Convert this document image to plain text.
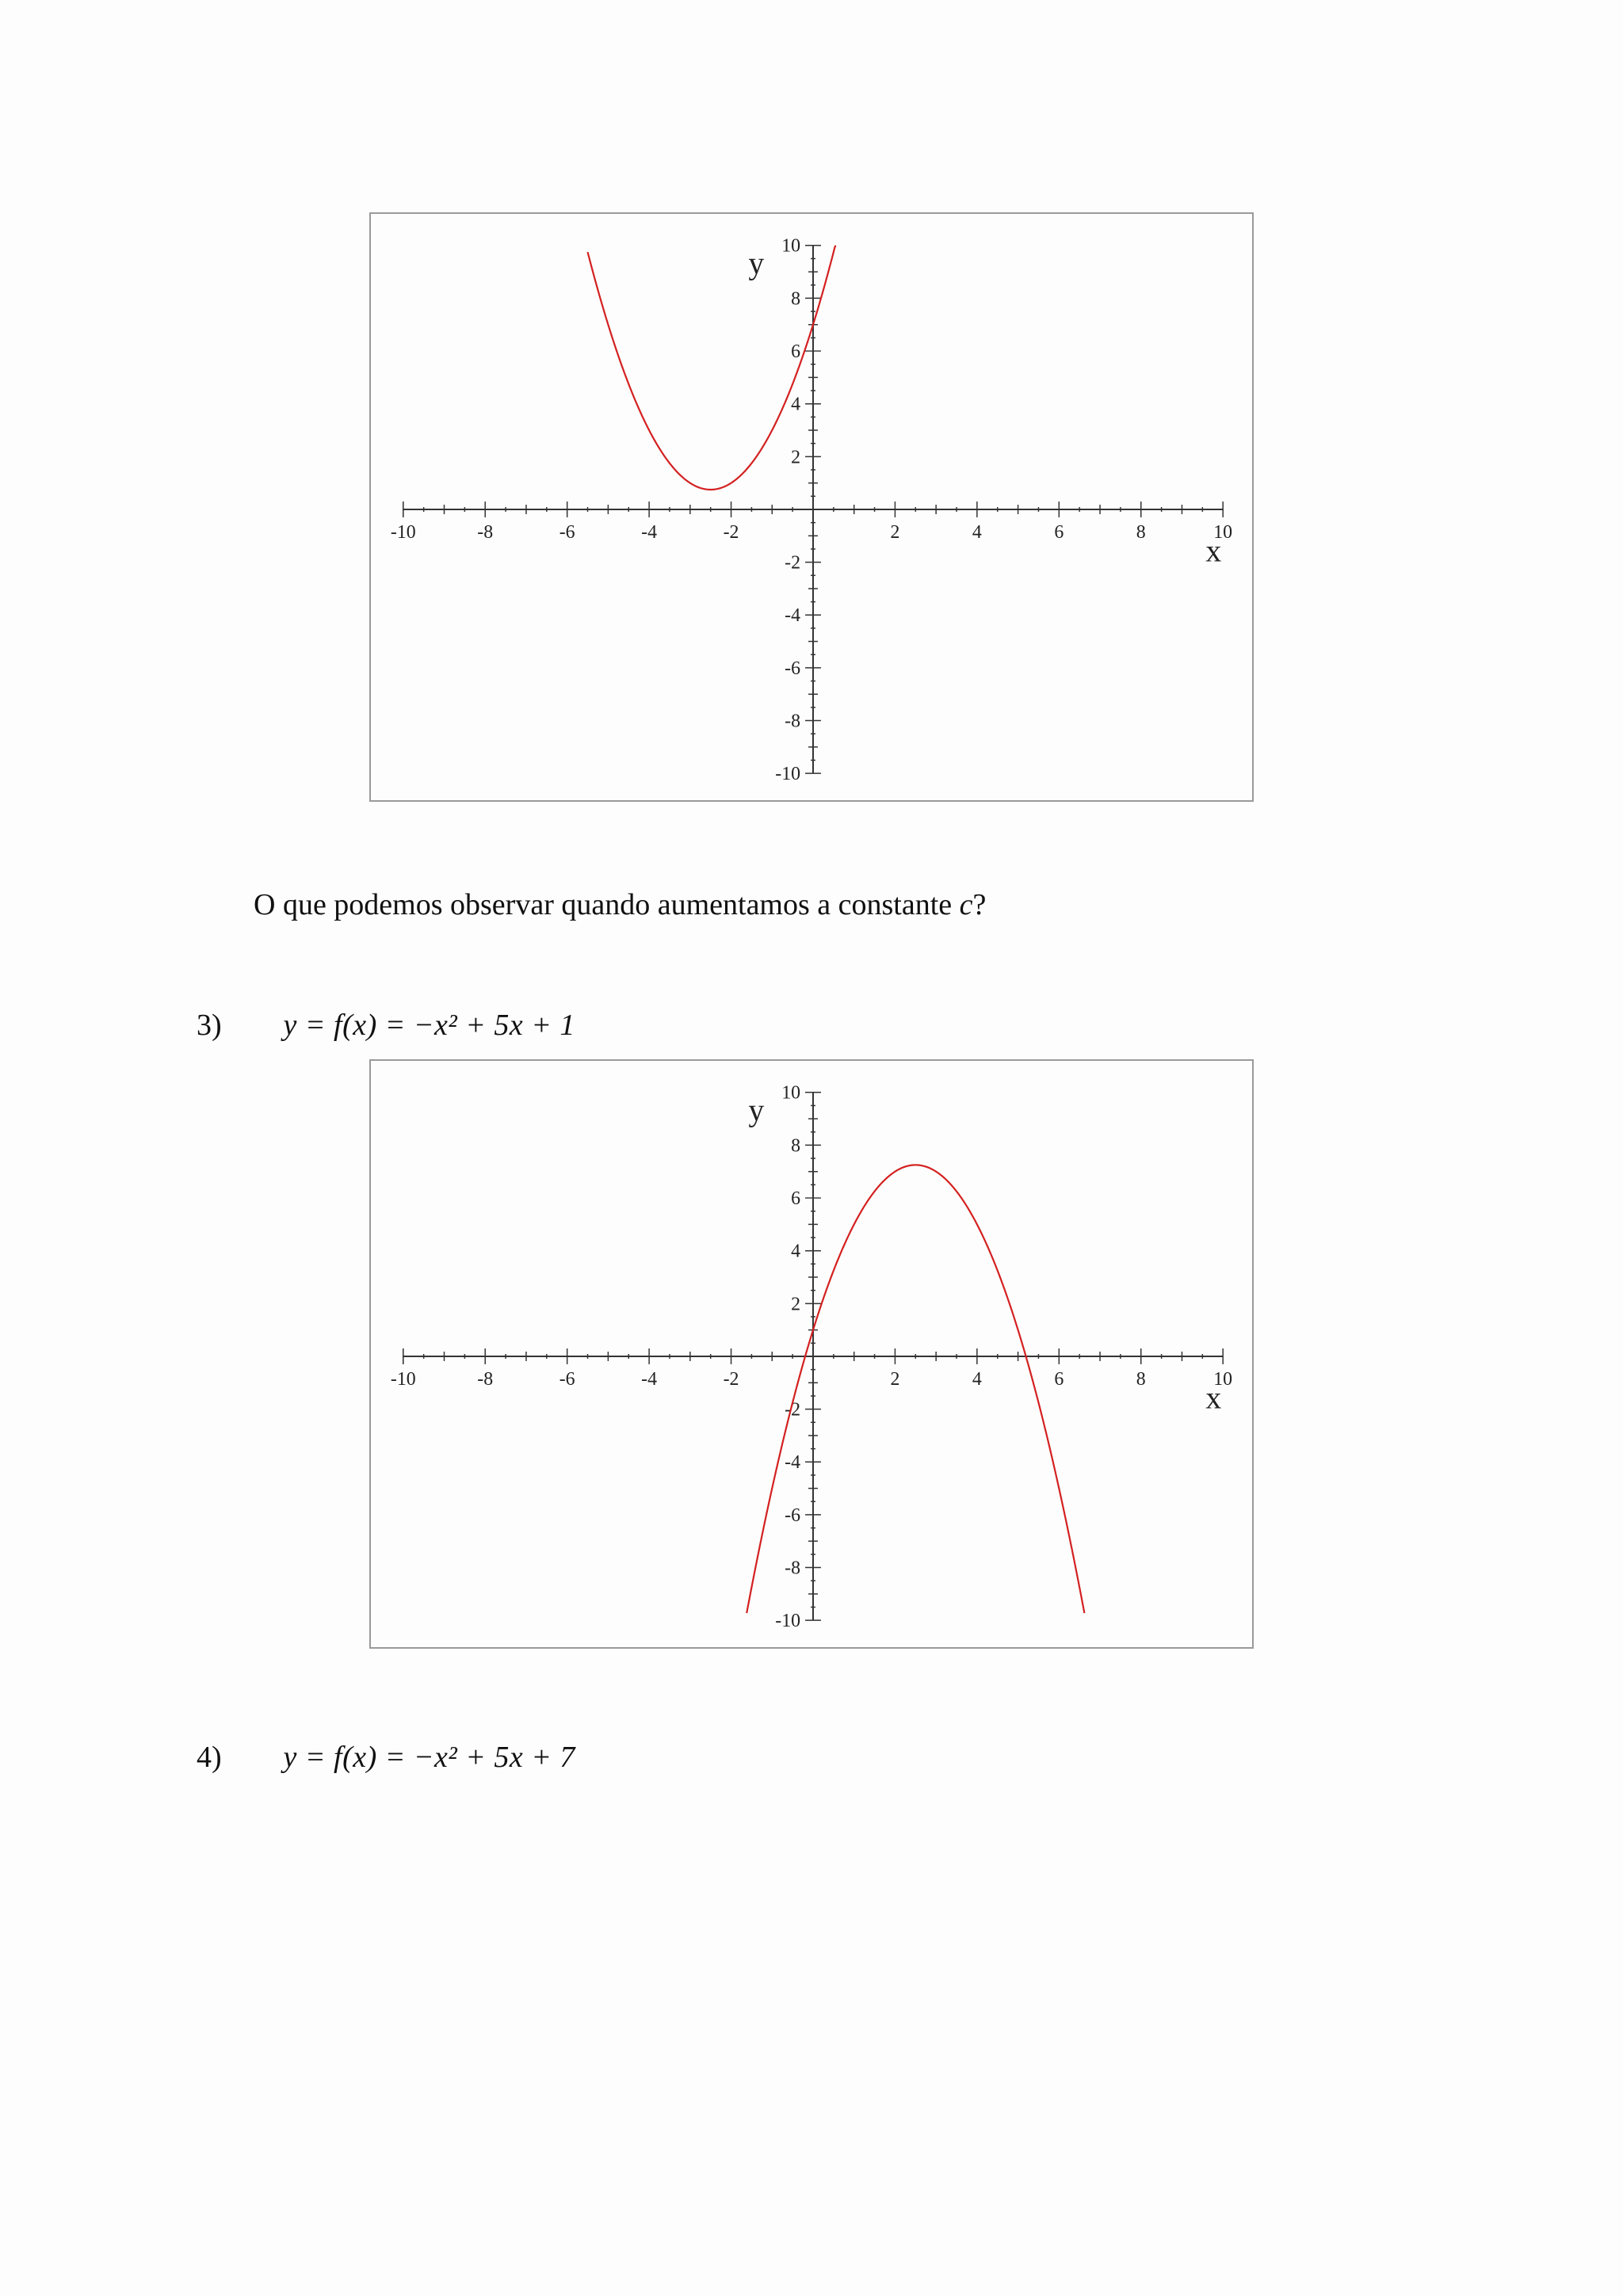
-10	-8	-6	-4	-2	2	4	6	8	10
10
8
6
4
2
-2
-4
-6
-8
-10
x
y
O que podemos observar quando aumentamos a constante c?
3) y = f(x) = −x² + 5x + 1
-10	-8	-6	-4	-2	2	4	6	8	10
10
8
6
4
2
-2
-4
-6
-8
-10
x
y
4) y = f(x) = −x² + 5x + 7
